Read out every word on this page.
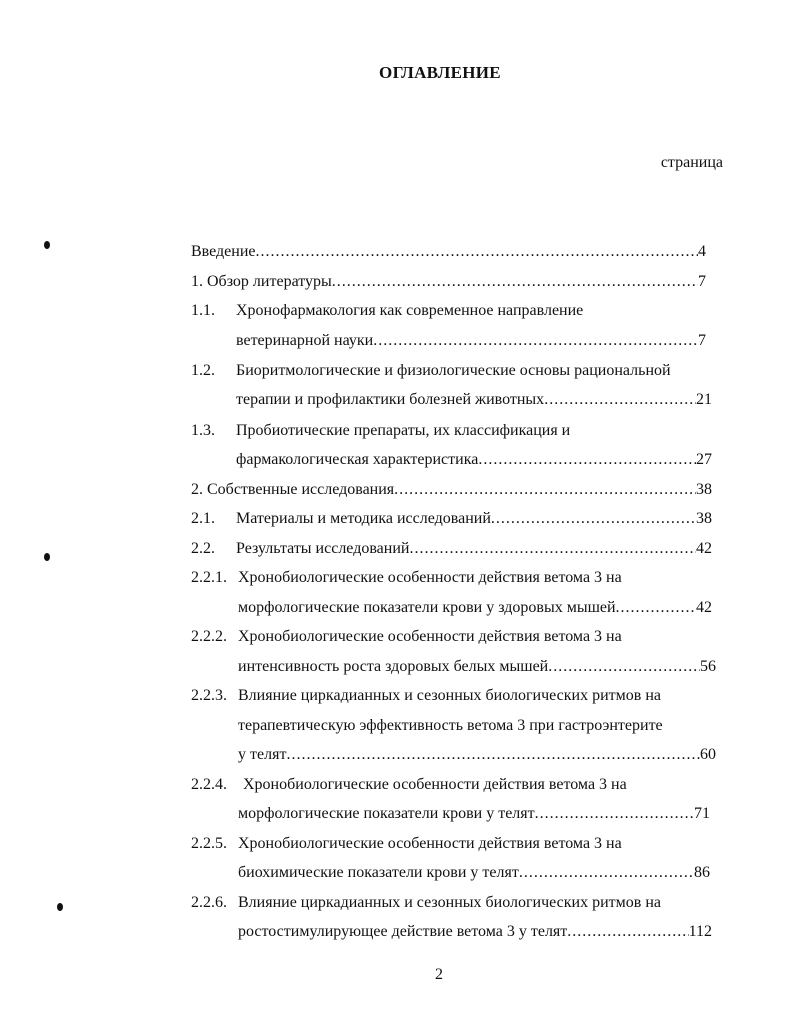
ОГЛАВЛЕНИЕ
страница
Введение .....	4
1. Обзор литературы .....	7
1.1. Хронофармакология как современное направление
ветеринарной науки .....	7
1.2. Биоритмологические и физиологические основы рациональной
терапии и профилактики болезней животных .....	21
1.3. Пробиотические препараты, их классификация и
фармакологическая характеристика .....	27
2. Собственные исследования .....	38
2.1. Материалы и методика исследований .....	38
2.2. Результаты исследований .....	42
2.2.1. Хронобиологические особенности действия ветома 3 на
морфологические показатели крови у здоровых мышей .....	42
2.2.2. Хронобиологические особенности действия ветома 3 на
интенсивность роста здоровых белых мышей .....	56
2.2.3. Влияние циркадианных и сезонных биологических ритмов на
терапевтическую эффективность ветома 3 при гастроэнтерите
у телят .....	60
2.2.4. Хронобиологические особенности действия ветома 3 на
морфологические показатели крови у телят .....	71
2.2.5. Хронобиологические особенности действия ветома 3 на
биохимические показатели крови у телят .....	86
2.2.6. Влияние циркадианных и сезонных биологических ритмов на
ростостимулирующее действие ветома 3 у телят .....	112
2
